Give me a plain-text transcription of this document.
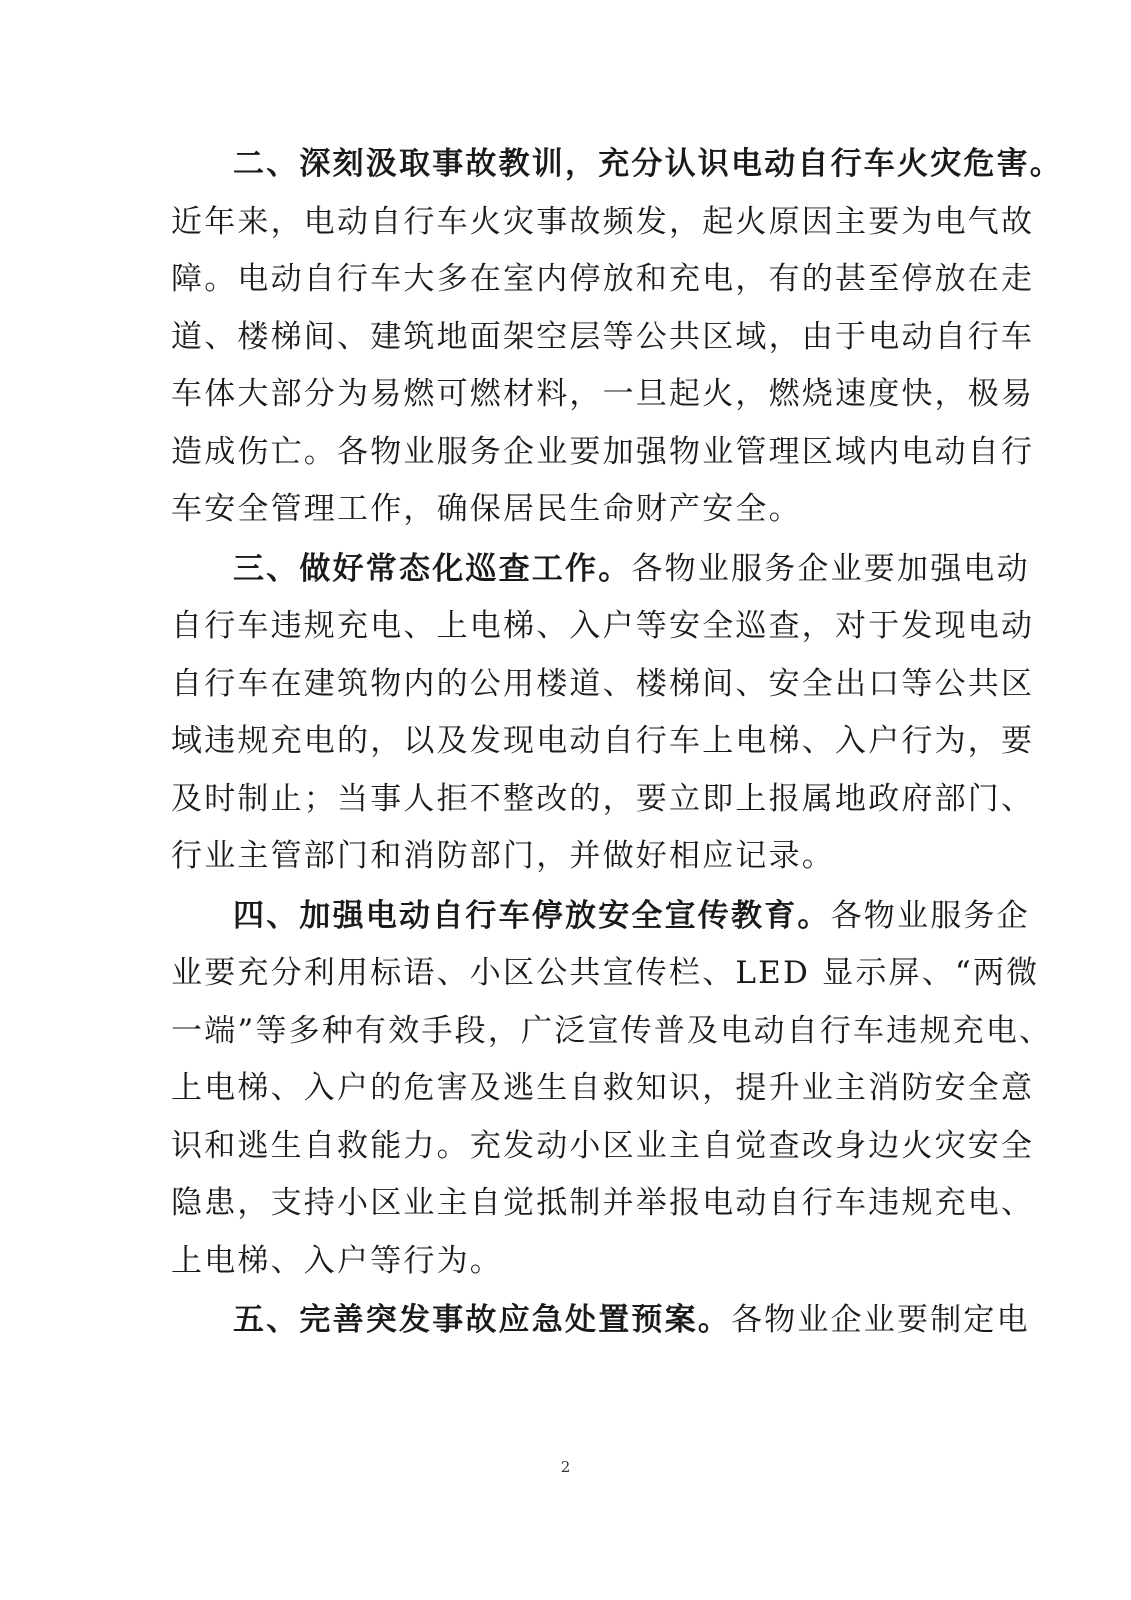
二、深刻汲取事故教训，充分认识电动自行车火灾危害。
近年来，电动自行车火灾事故频发，起火原因主要为电气故
障。电动自行车大多在室内停放和充电，有的甚至停放在走
道、楼梯间、建筑地面架空层等公共区域，由于电动自行车
车体大部分为易燃可燃材料，一旦起火，燃烧速度快，极易
造成伤亡。各物业服务企业要加强物业管理区域内电动自行
车安全管理工作，确保居民生命财产安全。
三、做好常态化巡查工作。各物业服务企业要加强电动
自行车违规充电、上电梯、入户等安全巡查，对于发现电动
自行车在建筑物内的公用楼道、楼梯间、安全出口等公共区
域违规充电的，以及发现电动自行车上电梯、入户行为，要
及时制止；当事人拒不整改的，要立即上报属地政府部门、
行业主管部门和消防部门，并做好相应记录。
四、加强电动自行车停放安全宣传教育。各物业服务企
业要充分利用标语、小区公共宣传栏、LED 显示屏、“两微
一端”等多种有效手段，广泛宣传普及电动自行车违规充电、
上电梯、入户的危害及逃生自救知识，提升业主消防安全意
识和逃生自救能力。充发动小区业主自觉查改身边火灾安全
隐患，支持小区业主自觉抵制并举报电动自行车违规充电、
上电梯、入户等行为。
五、完善突发事故应急处置预案。各物业企业要制定电
2
